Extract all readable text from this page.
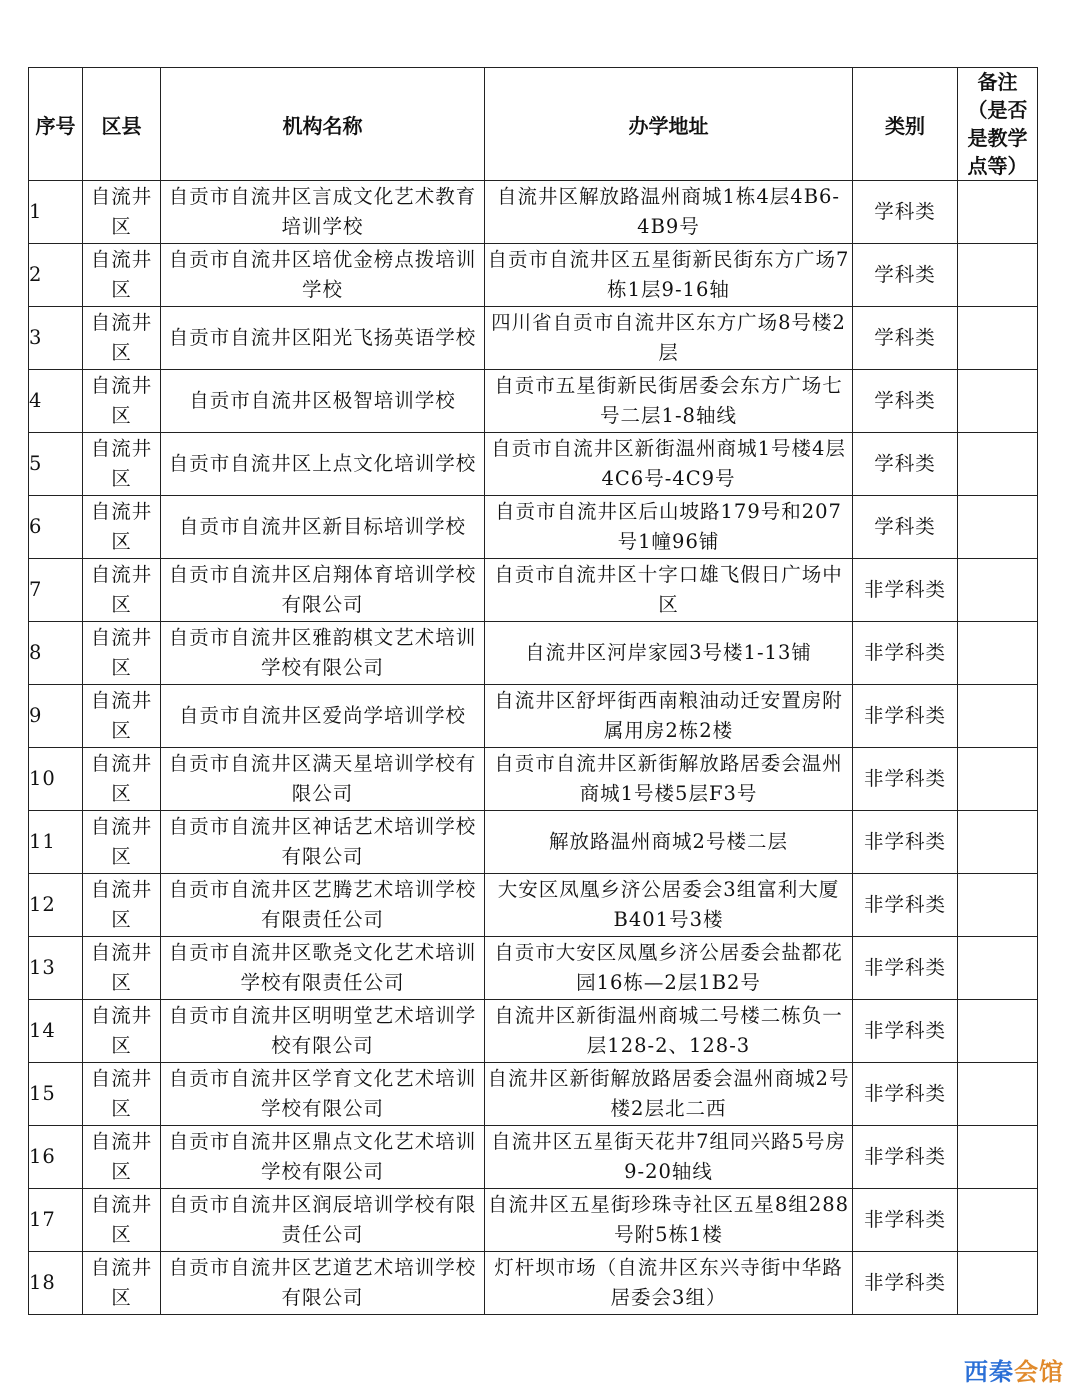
序号	区县	机构名称	办学地址	类别	备注（是否是教学点等）
1	自流井区	自贡市自流井区言成文化艺术教育培训学校	自流井区解放路温州商城1栋4层4B6-4B9号	学科类	
2	自流井区	自贡市自流井区培优金榜点拨培训学校	自贡市自流井区五星街新民街东方广场7栋1层9-16轴	学科类	
3	自流井区	自贡市自流井区阳光飞扬英语学校	四川省自贡市自流井区东方广场8号楼2层	学科类	
4	自流井区	自贡市自流井区极智培训学校	自贡市五星街新民街居委会东方广场七号二层1-8轴线	学科类	
5	自流井区	自贡市自流井区上点文化培训学校	自贡市自流井区新街温州商城1号楼4层4C6号-4C9号	学科类	
6	自流井区	自贡市自流井区新目标培训学校	自贡市自流井区后山坡路179号和207号1幢96铺	学科类	
7	自流井区	自贡市自流井区启翔体育培训学校有限公司	自贡市自流井区十字口雄飞假日广场中区	非学科类	
8	自流井区	自贡市自流井区雅韵棋文艺术培训学校有限公司	自流井区河岸家园3号楼1-13铺	非学科类	
9	自流井区	自贡市自流井区爱尚学培训学校	自流井区舒坪街西南粮油动迁安置房附属用房2栋2楼	非学科类	
10	自流井区	自贡市自流井区满天星培训学校有限公司	自贡市自流井区新街解放路居委会温州商城1号楼5层F3号	非学科类	
11	自流井区	自贡市自流井区神话艺术培训学校有限公司	解放路温州商城2号楼二层	非学科类	
12	自流井区	自贡市自流井区艺腾艺术培训学校有限责任公司	大安区凤凰乡济公居委会3组富利大厦B401号3楼	非学科类	
13	自流井区	自贡市自流井区歌尧文化艺术培训学校有限责任公司	自贡市大安区凤凰乡济公居委会盐都花园16栋—2层1B2号	非学科类	
14	自流井区	自贡市自流井区明明堂艺术培训学校有限公司	自流井区新街温州商城二号楼二栋负一层128-2、128-3	非学科类	
15	自流井区	自贡市自流井区学育文化艺术培训学校有限公司	自流井区新街解放路居委会温州商城2号楼2层北二西	非学科类	
16	自流井区	自贡市自流井区鼎点文化艺术培训学校有限公司	自流井区五星街天花井7组同兴路5号房9-20轴线	非学科类	
17	自流井区	自贡市自流井区润辰培训学校有限责任公司	自流井区五星街珍珠寺社区五星8组288号附5栋1楼	非学科类	
18	自流井区	自贡市自流井区艺道艺术培训学校有限公司	灯杆坝市场（自流井区东兴寺街中华路居委会3组）	非学科类	
西秦会馆
